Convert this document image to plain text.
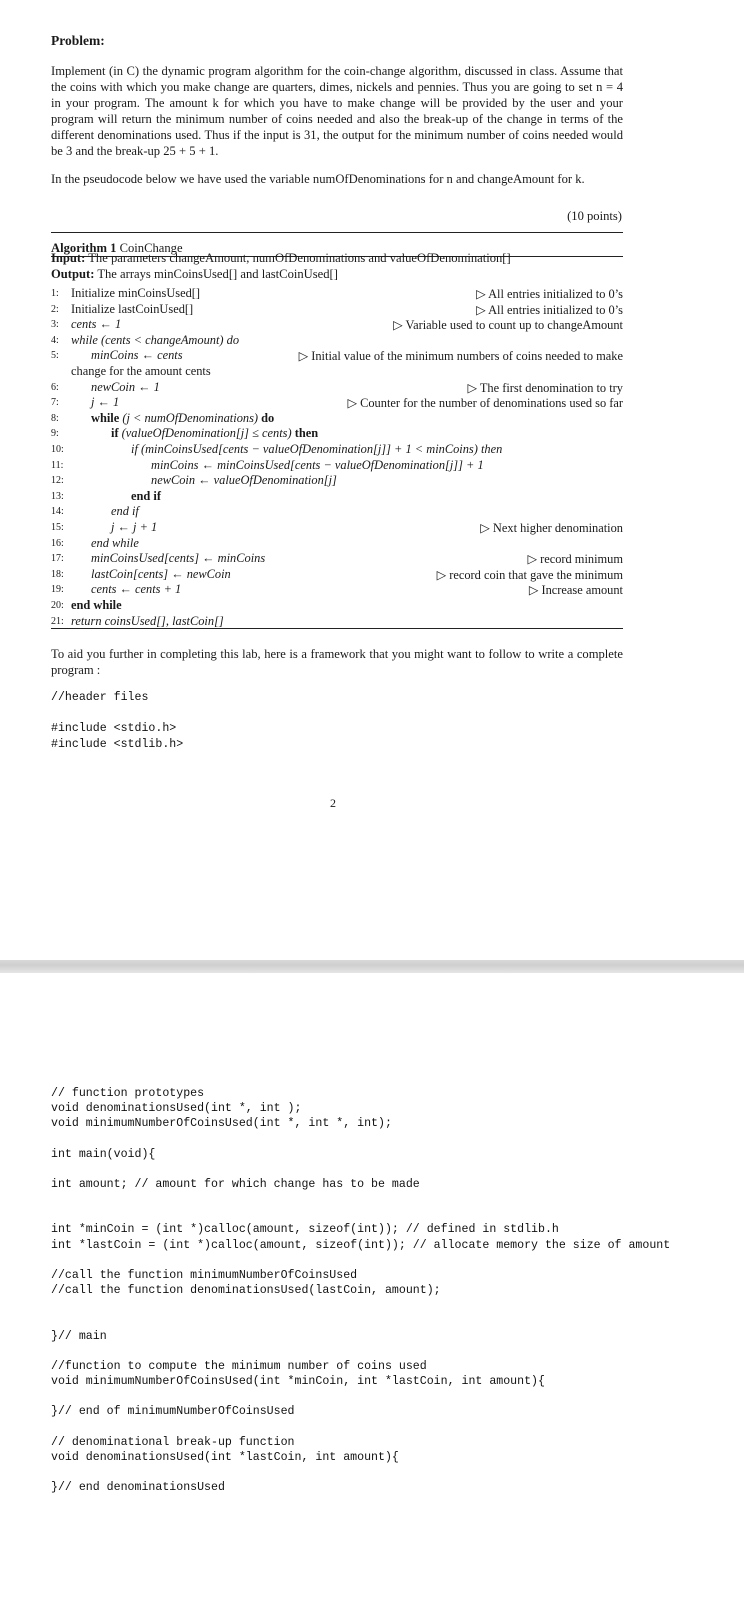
Problem:
Implement (in C) the dynamic program algorithm for the coin-change algorithm, discussed in class. Assume that the coins with which you make change are quarters, dimes, nickels and pennies. Thus you are going to set n = 4 in your program. The amount k for which you have to make change will be provided by the user and your program will return the minimum number of coins needed and also the break-up of the change in terms of the different denominations used. Thus if the input is 31, the output for the minimum number of coins needed would be 3 and the break-up 25 + 5 + 1.
In the pseudocode below we have used the variable numOfDenominations for n and changeAmount for k.
(10 points)
Algorithm 1 CoinChange
Input: The parameters changeAmount, numOfDenominations and valueOfDenomination[]
Output: The arrays minCoinsUsed[] and lastCoinUsed[]
1: Initialize minCoinsUsed[]	▷ All entries initialized to 0’s
2: Initialize lastCoinUsed[]	▷ All entries initialized to 0’s
3: cents ← 1	▷ Variable used to count up to changeAmount
4: while (cents < changeAmount) do
5:	minCoins ← cents	▷ Initial value of the minimum numbers of coins needed to make
change for the amount cents
6:	newCoin ← 1	▷ The first denomination to try
7:	j ← 1	▷ Counter for the number of denominations used so far
8:	while (j < numOfDenominations) do
9:	if (valueOfDenomination[j] ≤ cents) then
10:	if (minCoinsUsed[cents − valueOfDenomination[j]] + 1 < minCoins) then
11:	minCoins ← minCoinsUsed[cents − valueOfDenomination[j]] + 1
12:	newCoin ← valueOfDenomination[j]
13:	end if
14:	end if
15:	j ← j + 1	▷ Next higher denomination
16:	end while
17:	minCoinsUsed[cents] ← minCoins	▷ record minimum
18:	lastCoin[cents] ← newCoin	▷ record coin that gave the minimum
19:	cents ← cents + 1	▷ Increase amount
20: end while
21: return coinsUsed[], lastCoin[]
To aid you further in completing this lab, here is a framework that you might want to follow to write a complete program :
//header files

#include <stdio.h>
#include <stdlib.h>
2
// function prototypes
void denominationsUsed(int *, int );
void minimumNumberOfCoinsUsed(int *, int *, int);

int main(void){

int amount; // amount for which change has to be made

int *minCoin = (int *)calloc(amount, sizeof(int)); // defined in stdlib.h
int *lastCoin = (int *)calloc(amount, sizeof(int)); // allocate memory the size of amount

//call the function minimumNumberOfCoinsUsed
//call the function denominationsUsed(lastCoin, amount);

}// main

//function to compute the minimum number of coins used
void minimumNumberOfCoinsUsed(int *minCoin, int *lastCoin, int amount){

}// end of minimumNumberOfCoinsUsed

// denominational break-up function
void denominationsUsed(int *lastCoin, int amount){

}// end denominationsUsed
